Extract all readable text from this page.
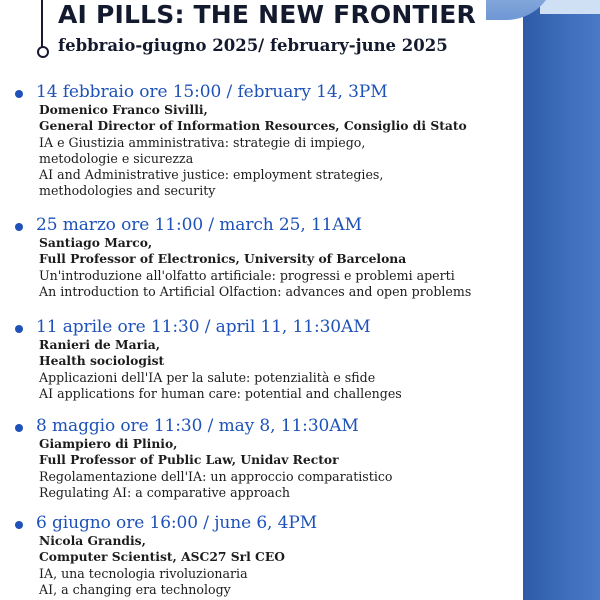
AI PILLS: THE NEW FRONTIER
febbraio-giugno 2025/ february-june 2025
14 febbraio ore 15:00 / february 14, 3PM
Domenico Franco Sivilli,
General Director of Information Resources, Consiglio di Stato
IA e Giustizia amministrativa: strategie di impiego,
metodologie e sicurezza
AI and Administrative justice: employment strategies,
methodologies and security
25 marzo ore 11:00 / march 25, 11AM
Santiago Marco,
Full Professor of Electronics, University of Barcelona
Un'introduzione all'olfatto artificiale: progressi e problemi aperti
An introduction to Artificial Olfaction: advances and open problems
11 aprile ore 11:30 / april 11, 11:30AM
Ranieri de Maria,
Health sociologist
Applicazioni dell'IA per la salute: potenzialità e sfide
AI applications for human care: potential and challenges
8 maggio ore 11:30 / may 8, 11:30AM
Giampiero di Plinio,
Full Professor of Public Law, Unidav Rector
Regolamentazione dell'IA: un approccio comparatistico
Regulating AI: a comparative approach
6 giugno ore 16:00 / june 6, 4PM
Nicola Grandis,
Computer Scientist, ASC27 Srl CEO
IA, una tecnologia rivoluzionaria
AI, a changing era technology
